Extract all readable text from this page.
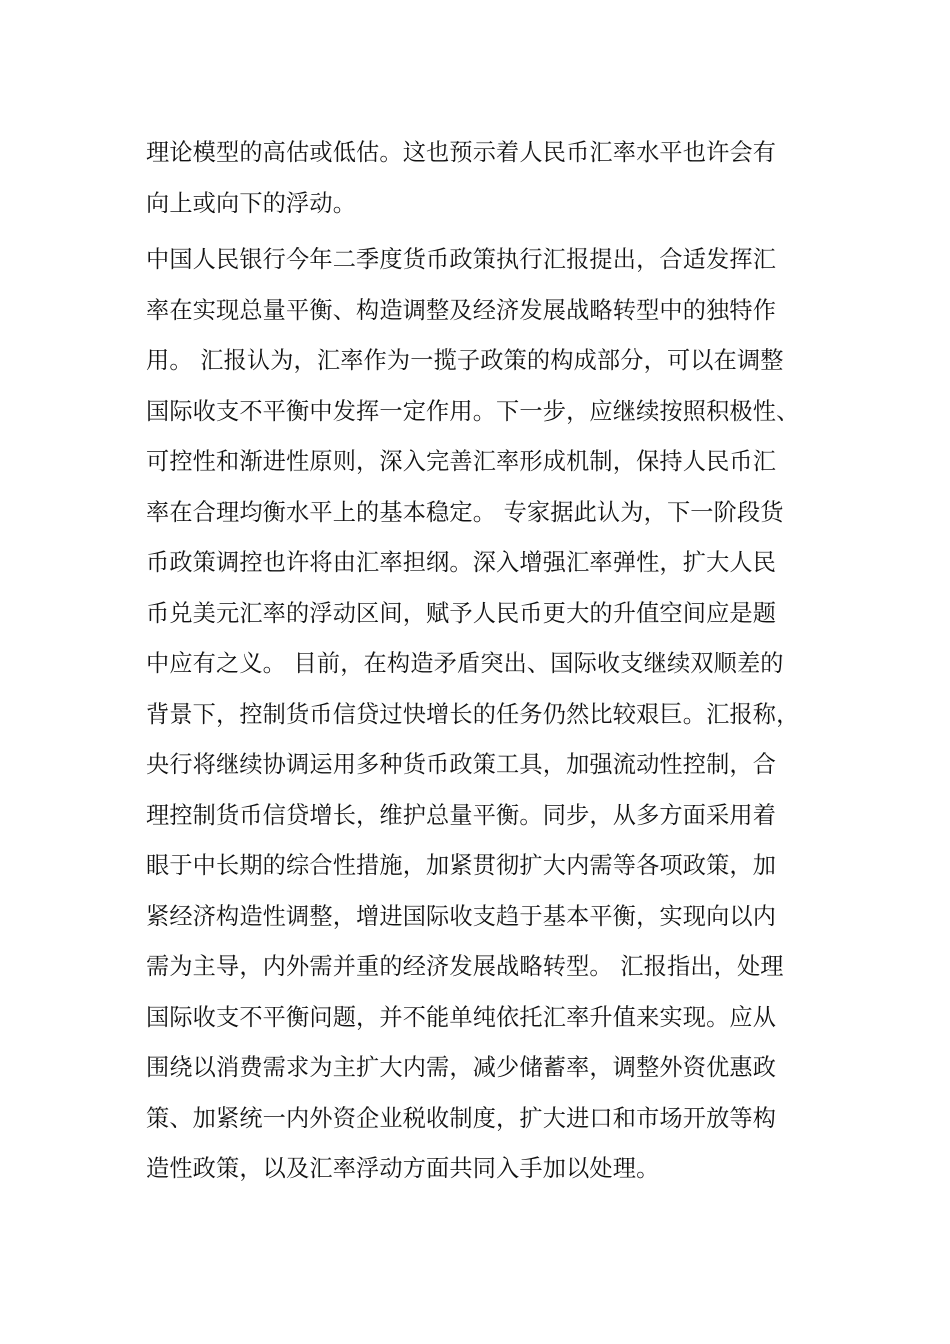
理论模型的高估或低估。这也预示着人民币汇率水平也许会有
向上或向下的浮动。

中国人民银行今年二季度货币政策执行汇报提出，合适发挥汇
率在实现总量平衡、构造调整及经济发展战略转型中的独特作
用。 汇报认为，汇率作为一揽子政策的构成部分，可以在调整
国际收支不平衡中发挥一定作用。下一步，应继续按照积极性、
可控性和渐进性原则，深入完善汇率形成机制，保持人民币汇
率在合理均衡水平上的基本稳定。 专家据此认为，下一阶段货
币政策调控也许将由汇率担纲。深入增强汇率弹性，扩大人民
币兑美元汇率的浮动区间，赋予人民币更大的升值空间应是题
中应有之义。 目前，在构造矛盾突出、国际收支继续双顺差的
背景下，控制货币信贷过快增长的任务仍然比较艰巨。汇报称，
央行将继续协调运用多种货币政策工具，加强流动性控制，合
理控制货币信贷增长，维护总量平衡。同步，从多方面采用着
眼于中长期的综合性措施，加紧贯彻扩大内需等各项政策，加
紧经济构造性调整，增进国际收支趋于基本平衡，实现向以内
需为主导，内外需并重的经济发展战略转型。 汇报指出，处理
国际收支不平衡问题，并不能单纯依托汇率升值来实现。应从
围绕以消费需求为主扩大内需，减少储蓄率，调整外资优惠政
策、加紧统一内外资企业税收制度，扩大进口和市场开放等构
造性政策，以及汇率浮动方面共同入手加以处理。
